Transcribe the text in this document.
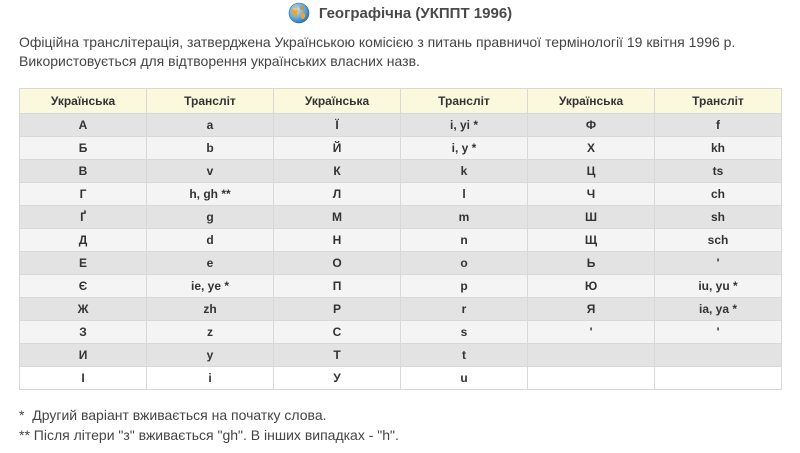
Географічна (УКППТ 1996)
Офіційна транслітерація, затверджена Українською комісією з питань правничої термінології 19 квітня 1996 р. Використовується для відтворення українських власних назв.
Українська	Трансліт	Українська	Трансліт	Українська	Трансліт
А	a	Ї	i, yi *	Ф	f
Б	b	Й	i, y *	Х	kh
В	v	К	k	Ц	ts
Г	h, gh **	Л	l	Ч	ch
Ґ	g	М	m	Ш	sh
Д	d	Н	n	Щ	sch
Е	e	О	o	Ь	'
Є	ie, ye *	П	p	Ю	iu, yu *
Ж	zh	Р	r	Я	ia, ya *
З	z	С	s	'	'
И	y	Т	t		
І	i	У	u		
*  Другий варіант вживається на початку слова.
** Після літери "з" вживається "gh". В інших випадках - "h".
